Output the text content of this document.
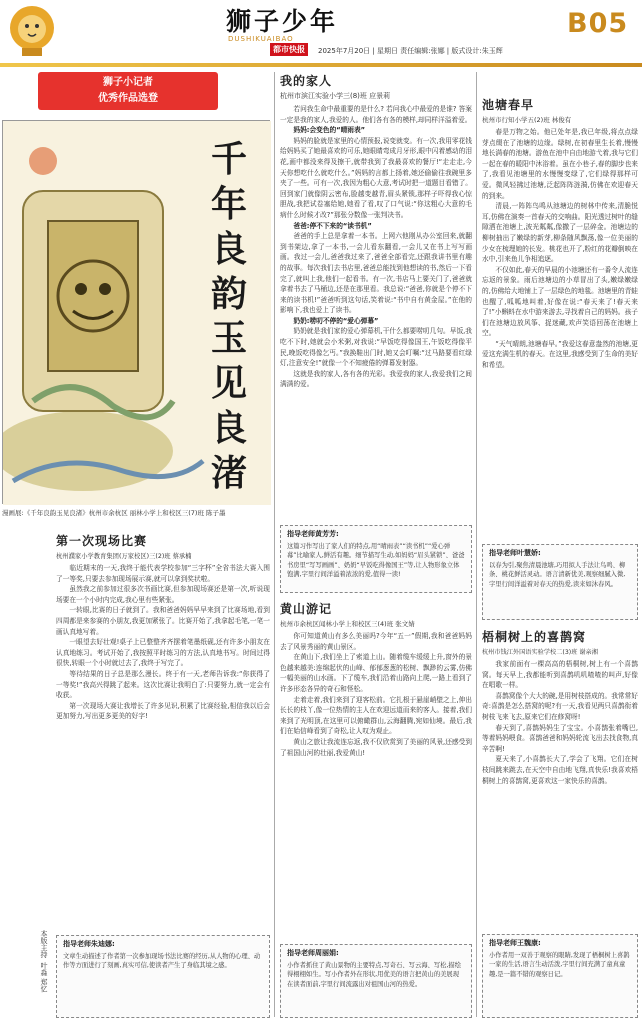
狮子少年
DUSHIKUAIBAO
都市快报	2025年7月20日 | 星期日 责任编辑:张娜 | 版式设计:朱玉辉
B05
狮子小记者
优秀作品选登
千
年
良
韵
玉
见
良
渚
漫画展:《千年良韵玉见良渚》杭州市余杭区 丽林小学上和校区三(7)班 陈子墨
我的家人
杭州市滨江实验小学三(8)班 应景莉

若问我生命中最重要的是什么? 若问我心中最爱的是谁? 答案一定是我的家人,我爱的人。他们各有各的模样,却同样洋溢着爱。

妈妈:会变色的“晴雨表”

妈妈的脸就是家里的心情预报,说变就变。有一次,我用零花钱给妈妈买了她最喜欢的可乐,她眼睛弯成月牙形,眼中闪着感动的泪花,画中都没来得及擦干,就带我到了我最喜欢的餐厅!“走走走,今天你想吃什么就吃什么。”妈妈的言都上扬着,她还偷偷往我碗里多夹了一些。可有一次,我因为粗心大意,考试时把一道题目看错了。回到家门就像阴云密布,脸越变越青,眉头紧锁,那样子吓得我心惊胆战,我把试卷塞给她,她看了看,叹了口气说:“你这粗心大意的毛病什么时候才改?”那张分数像一张判决书。

爸爸:停不下来的“读书机”

爸爸的手上总是拿着一本书。上网六他刚从办公室回来,就翻到书架边,拿了一本书,一会儿看东翻看,一会儿又在书上写写画画。我过一会儿,爸爸我过来了,爸爸全部看完,还跟我讲书里有趣的故事。每次我们去书店里,爸爸总能找到他想读的书,然后一下看完了,就叫上我,他们一起看书。有一次,书店马上要关门了,爸爸就拿着书去了马桶边,还是在那里看。我总说:“爸爸,你就是个停不下来的读书机!”爸爸听到这句话,笑着说:“书中自有黄金屋。”在他的影响下,我也爱上了读书。

奶奶:唠叨不停的“爱心弹幕”

奶奶就是我们家的爱心弹幕机,干什么都要唠叨几句。早饭,我吃不下时,她就会小米粥,对我说:“早饭吃得像国王,午饭吃得像平民,晚饭吃得像乞丐。”我换鞋出门时,她又会叮嘱:“过马路要看红绿灯,注意安全!”就像一个不知疲倦的弹幕发射器。

这就是我的家人,各有各的光彩。我爱我的家人,我爱我们之间满满的爱。

指导老师黄芳芳:
这篇习作写出了家人们的特点,用“晴雨表”“读书机”“爱心弹幕”比喻家人,鲜活有趣。细节描写生动,如妈妈“眉头紧锁”、爸爸书房里“写写画画”、奶奶“早饭吃得像国王”等,让人物形象立体饱满,字里行间洋溢着浓浓的爱,值得一读!
黄山游记
杭州市余杭区闻林小学上和校区三(4)班 张文婧

你可知道黄山有多么美丽吗?今年“五一”假期,我和爸爸妈妈去了风景秀丽的黄山景区。

在黄山下,我们坐上了索道上山。随着缆车缓缓上升,窗外的景色越来越美:连绵起伏的山峰、郁郁葱葱的松树、飘渺的云雾,仿佛一幅美丽的山水画。下了缆车,我们沿着山路向上爬,一路上看到了许多形态各异的奇石和怪松。

走着走着,我们来到了迎客松前。它扎根于悬崖峭壁之上,伸出长长的枝丫,像一位热情的主人在欢迎远道而来的客人。接着,我们来到了光明顶,在这里可以俯瞰群山,云海翻腾,宛如仙境。最后,我们在始信峰看到了奇松,让人叹为观止。

黄山之旅让我流连忘返,我不仅欣赏到了美丽的风景,还感受到了祖国山河的壮丽,我爱黄山!

指导老师周丽娟:
小作者抓住了黄山景物的主要特点,写奇石、写云海、写松,描绘得栩栩如生。写小作者外在形状,用优美的语言把黄山的美展现在读者面前,字里行间流露出对祖国山河的热爱。
池塘春早
杭州市行知小学五(2)班 林俊有

春是万物之始。他已处年是,我已年级,将点点绿芽点缀在了池塘的边缘。绿树,在初春里生长着,慢慢地长满春的池塘。游鱼在池中自由地游弋着,我与它们一起在春的暖阳中沐浴着。虽在小巷子,春的脚步也来了,我看见池塘里的水慢慢变绿了,它们绿得那样可爱。微风轻拂过池塘,泛起阵阵涟漪,仿佛在欢迎春天的到来。

清晨,一阵阵鸟鸣从池塘边的树林中传来,清脆悦耳,仿佛在演奏一首春天的交响曲。阳光透过树叶的缝隙洒在池塘上,波光粼粼,像撒了一层碎金。池塘边的柳树抽出了嫩绿的新芽,柳条随风飘荡,像一位美丽的少女在梳理她的长发。桃花也开了,粉红的花瓣倒映在水中,引来鱼儿争相追逐。

不仅如此,春天的早晨的小池塘还有一番令人流连忘返的景象。雨后池塘边的小草冒出了头,嫩绿嫩绿的,仿佛给大地铺上了一层绿色的地毯。池塘里的青蛙也醒了,呱呱地叫着,好像在说:“春天来了!春天来了!”小蝌蚪在水中游来游去,寻找着自己的妈妈。孩子们在池塘边放风筝、捉迷藏,欢声笑语回荡在池塘上空。

“天气晴朗,池塘春早。”我爱这春意盎然的池塘,更爱这充满生机的春天。在这里,我感受到了生命的美好和希望。

指导老师叶慧娇:
以春为引,聚焦清晨池塘,巧用拟人手法让鸟鸣、柳条、桃花鲜活灵动。语言清新优美,观察细腻入微,字里行间洋溢着对春天的热爱,读来如沐春风。
梧桐树上的喜鹊窝
杭州市钱江外国语实验学校二(3)班 谢亲湘

我家前面有一棵高高的梧桐树,树上有一个喜鹊窝。每天早上,我都能听到喜鹊叽叽喳喳的叫声,好像在唱歌一样。

喜鹊窝像个大大的碗,是用树枝搭成的。我常常好奇:喜鹊是怎么搭窝的呢?有一天,我看见两只喜鹊衔着树枝飞来飞去,原来它们在修窝呀!

春天到了,喜鹊妈妈生了宝宝。小喜鹊张着嘴巴,等着妈妈喂食。喜鹊爸爸和妈妈轮流飞出去找食物,真辛苦啊!

夏天来了,小喜鹊长大了,学会了飞翔。它们在树枝间跳来跳去,在天空中自由地飞翔,真快乐!我喜欢梧桐树上的喜鹊窝,更喜欢这一家快乐的喜鹊。

指导老师王魏康:
小作者用一双善于观察的眼睛,发现了梧桐树上喜鹊一家的生活,语言生动活泼,字里行间充满了童真童趣,是一篇不错的观察日记。
第一次现场比赛
杭州濮家小学教育集团(万家校区)三(2)班 蔡承楠

临近期末的一天,我终于能代表学校参加“三字杯”全省书法大赛入围了一等奖,只要去参加现场展示赛,就可以拿到奖状啦。

虽然我之前参加过很多次书画比赛,但参加现场赛还是第一次,听说现场要在一个小时内完成,我心里有些紧张。

一转眼,比赛的日子就到了。我和爸爸妈妈早早来到了比赛场地,看到四周都是来参赛的小朋友,我更加紧张了。比赛开始了,我拿起毛笔,一笔一画认真地写着。

一眼望去好壮观!桌子上已整整齐齐摆着笔墨纸砚,还有许多小朋友在认真地练习。考试开始了,我按照平时练习的方法,认真地书写。时间过得很快,转眼一个小时就过去了,我终于写完了。

等待结果的日子总是那么漫长。终于有一天,老师告诉我:“你获得了一等奖!”我高兴得跳了起来。这次比赛让我明白了:只要努力,就一定会有收获。

第一次现场大赛让我增长了许多见识,积累了比赛经验,相信我以后会更加努力,写出更多更美的好字!

指导老师朱迪娜:
文章生动描述了作者第一次参加现场书法比赛的经历,从人物的心理、动作等方面进行了刻画,真实可信,使读者产生了身临其境之感。
本版主持
叶淼 郑忆
